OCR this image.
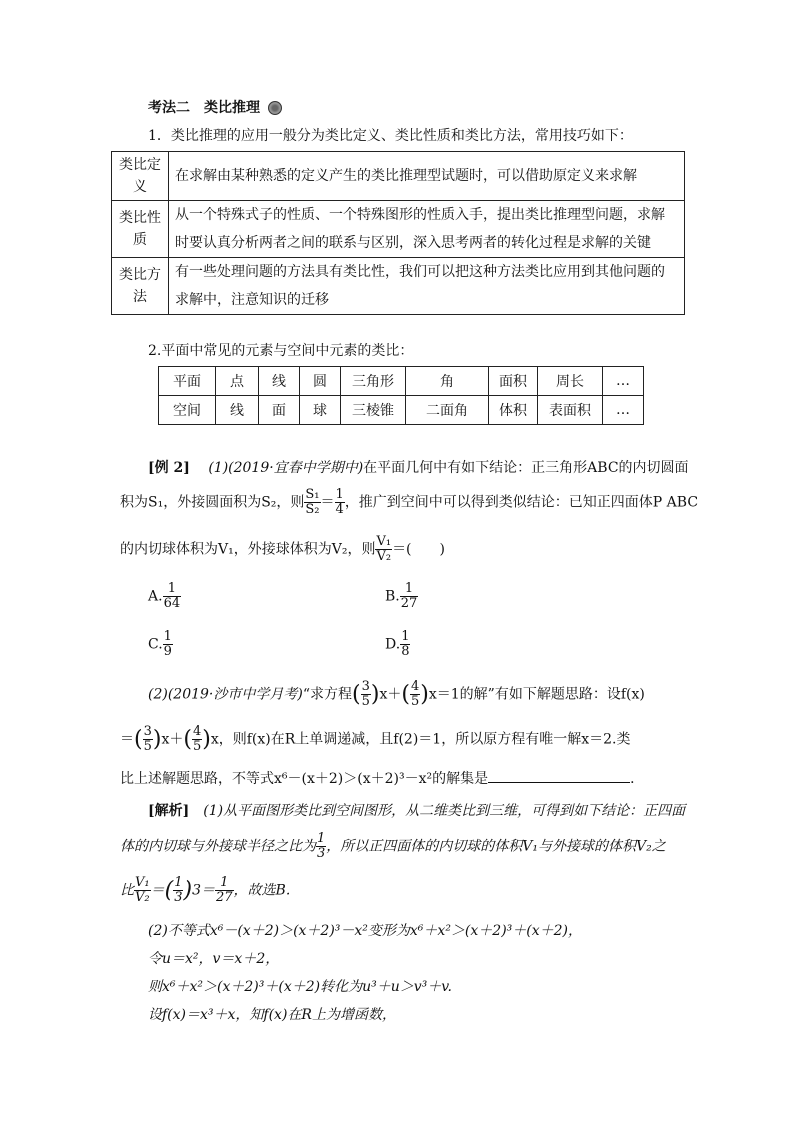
考法二　类比推理
1．类比推理的应用一般分为类比定义、类比性质和类比方法，常用技巧如下：
类比定义	在求解由某种熟悉的定义产生的类比推理型试题时，可以借助原定义来求解
类比性质	从一个特殊式子的性质、一个特殊图形的性质入手，提出类比推理型问题，求解时要认真分析两者之间的联系与区别，深入思考两者的转化过程是求解的关键
类比方法	有一些处理问题的方法具有类比性，我们可以把这种方法类比应用到其他问题的求解中，注意知识的迁移
2.平面中常见的元素与空间中元素的类比：
平面	点	线	圆	三角形	角	面积	周长	…
空间	线	面	球	三棱锥	二面角	体积	表面积	…
[例 2]　 (1)(2019·宜春中学期中)在平面几何中有如下结论：正三角形ABC的内切圆面
积为S₁，外接圆面积为S₂，则 $\frac{\text{S₁}}{\text{S₂}} = \frac{1}{4}$ ，推广到空间中可以得到类似结论：已知正四面体P ABC
的内切球体积为V₁，外接球体积为V₂，则 $\frac{\text{V₁}}{\text{V₂}}$ ＝(　　)
A. $\frac{1}{64}$	B. $\frac{1}{27}$
C. $\frac{1}{9}$	D. $\frac{1}{8}$
(2)(2019·沙市中学月考)“求方程( $\frac{3}{5} )x+( \frac{4}{5} )x=1$的解”有如下解题思路：设f(x)
＝( $\frac{3}{5} )x+( \frac{4}{5} )x$，则f(x)在R上单调递减，且f(2)＝1，所以原方程有唯一解x＝2.类
比上述解题思路，不等式x⁶－(x＋2)＞(x＋2)³－x²的解集是	．
[解析]　 (1)从平面图形类比到空间图形，从二维类比到三维，可得到如下结论：正四面
体的内切球与外接球半径之比为 $\frac{1}{3}$ ，所以正四面体的内切球的体积V₁与外接球的体积V₂之
比 $\frac{\text{V₁}}{\text{V₂}}$ ＝( $\frac{1}{3} )3= \frac{1}{27}$ ，故选B.
(2)不等式x⁶－(x＋2)＞(x＋2)³－x²变形为x⁶＋x²＞(x＋2)³＋(x＋2)，
令u＝x²，v＝x＋2，
则x⁶＋x²＞(x＋2)³＋(x＋2)转化为u³＋u＞v³＋v.
设f(x)＝x³＋x，知f(x)在R上为增函数，
